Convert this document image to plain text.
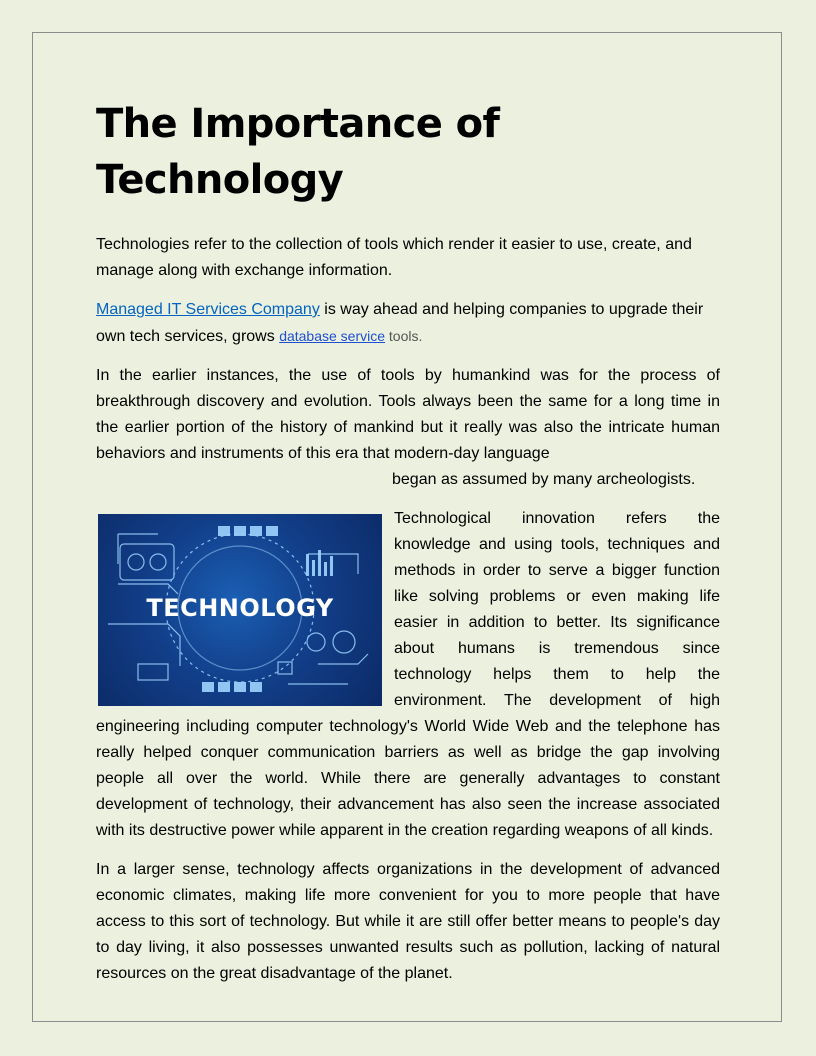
The Importance of Technology

Technologies refer to the collection of tools which render it easier to use, create, and manage along with exchange information.

Managed IT Services Company is way ahead and helping companies to upgrade their own tech services, grows database service tools.

In the earlier instances, the use of tools by humankind was for the process of breakthrough discovery and evolution. Tools always been the same for a long time in the earlier portion of the history of mankind but it really was also the intricate human behaviors and instruments of this era that modern-day language

began as assumed by many archeologists.

TECHNOLOGY

Technological innovation refers the knowledge and using tools, techniques and methods in order to serve a bigger function like solving problems or even making life easier in addition to better. Its significance about humans is tremendous since technology helps them to help the environment. The development of high engineering including computer technology's World Wide Web and the telephone has really helped conquer communication barriers as well as bridge the gap involving people all over the world. While there are generally advantages to constant development of technology, their advancement has also seen the increase associated with its destructive power while apparent in the creation regarding weapons of all kinds.

In a larger sense, technology affects organizations in the development of advanced economic climates, making life more convenient for you to more people that have access to this sort of technology. But while it are still offer better means to people's day to day living, it also possesses unwanted results such as pollution, lacking of natural resources on the great disadvantage of the planet.
